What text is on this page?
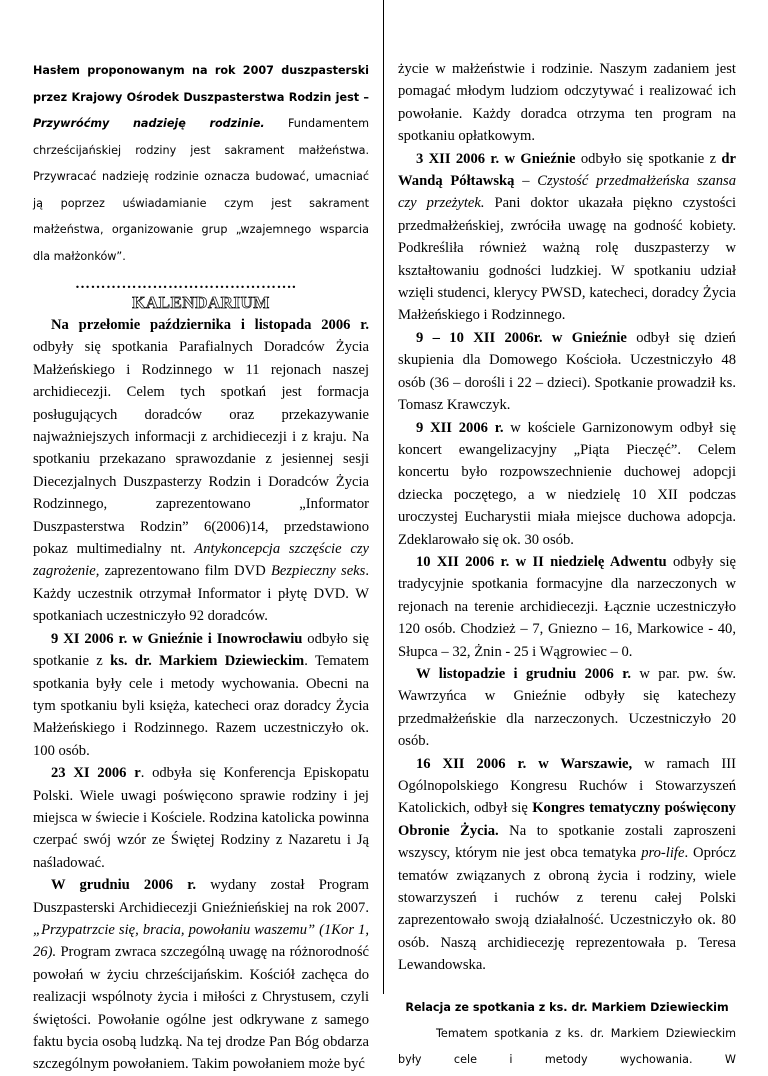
Hasłem proponowanym na rok 2007 duszpasterski przez Krajowy Ośrodek Duszpasterstwa Rodzin jest – Przywróćmy nadzieję rodzinie. Fundamentem chrześcijańskiej rodziny jest sakrament małżeństwa. Przywracać nadzieję rodzinie oznacza budować, umacniać ją poprzez uświadamianie czym jest sakrament małżeństwa, organizowanie grup „wzajemnego wsparcia dla małżonków”.

…………………………………….
KALENDARIUM

Na przełomie października i listopada 2006 r. odbyły się spotkania Parafialnych Doradców Życia Małżeńskiego i Rodzinnego w 11 rejonach naszej archidiecezji. Celem tych spotkań jest formacja posługujących doradców oraz przekazywanie najważniejszych informacji z archidiecezji i z kraju. Na spotkaniu przekazano sprawozdanie z jesiennej sesji Diecezjalnych Duszpasterzy Rodzin i Doradców Życia Rodzinnego, zaprezentowano „Informator Duszpasterstwa Rodzin” 6(2006)14, przedstawiono pokaz multimedialny nt. Antykoncepcja szczęście czy zagrożenie, zaprezentowano film DVD Bezpieczny seks. Każdy uczestnik otrzymał Informator i płytę DVD. W spotkaniach uczestniczyło 92 doradców.

9 XI 2006 r. w Gnieźnie i Inowrocławiu odbyło się spotkanie z ks. dr. Markiem Dziewieckim. Tematem spotkania były cele i metody wychowania. Obecni na tym spotkaniu byli księża, katecheci oraz doradcy Życia Małżeńskiego i Rodzinnego. Razem uczestniczyło ok. 100 osób.

23 XI 2006 r. odbyła się Konferencja Episkopatu Polski. Wiele uwagi poświęcono sprawie rodziny i jej miejsca w świecie i Kościele. Rodzina katolicka powinna czerpać swój wzór ze Świętej Rodziny z Nazaretu i Ją naśladować.

W grudniu 2006 r. wydany został Program Duszpasterski Archidiecezji Gnieźnieńskiej na rok 2007. „Przypatrzcie się, bracia, powołaniu waszemu” (1Kor 1, 26). Program zwraca szczególną uwagę na różnorodność powołań w życiu chrześcijańskim. Kościół zachęca do realizacji wspólnoty życia i miłości z Chrystusem, czyli świętości. Powołanie ogólne jest odkrywane z samego faktu bycia osobą ludzką. Na tej drodze Pan Bóg obdarza szczególnym powołaniem. Takim powołaniem może być

życie w małżeństwie i rodzinie. Naszym zadaniem jest pomagać młodym ludziom odczytywać i realizować ich powołanie. Każdy doradca otrzyma ten program na spotkaniu opłatkowym.

3 XII 2006 r. w Gnieźnie odbyło się spotkanie z dr Wandą Półtawską – Czystość przedmałżeńska szansa czy przeżytek. Pani doktor ukazała piękno czystości przedmałżeńskiej, zwróciła uwagę na godność kobiety. Podkreśliła również ważną rolę duszpasterzy w kształtowaniu godności ludzkiej. W spotkaniu udział wzięli studenci, klerycy PWSD, katecheci, doradcy Życia Małżeńskiego i Rodzinnego.

9 – 10 XII 2006r. w Gnieźnie odbył się dzień skupienia dla Domowego Kościoła. Uczestniczyło 48 osób (36 – dorośli i 22 – dzieci). Spotkanie prowadził ks. Tomasz Krawczyk.

9 XII 2006 r. w kościele Garnizonowym odbył się koncert ewangelizacyjny „Piąta Pieczęć”. Celem koncertu było rozpowszechnienie duchowej adopcji dziecka poczętego, a w niedzielę 10 XII podczas uroczystej Eucharystii miała miejsce duchowa adopcja. Zdeklarowało się ok. 30 osób.

10 XII 2006 r. w II niedzielę Adwentu odbyły się tradycyjnie spotkania formacyjne dla narzeczonych w rejonach na terenie archidiecezji. Łącznie uczestniczyło 120 osób. Chodzież – 7, Gniezno – 16, Markowice - 40, Słupca – 32, Żnin - 25 i Wągrowiec – 0.

W listopadzie i grudniu 2006 r. w par. pw. św. Wawrzyńca w Gnieźnie odbyły się katechezy przedmałżeńskie dla narzeczonych. Uczestniczyło 20 osób.

16 XII 2006 r. w Warszawie, w ramach III Ogólnopolskiego Kongresu Ruchów i Stowarzyszeń Katolickich, odbył się Kongres tematyczny poświęcony Obronie Życia. Na to spotkanie zostali zaproszeni wszyscy, którym nie jest obca tematyka pro-life. Oprócz tematów związanych z obroną życia i rodziny, wiele stowarzyszeń i ruchów z terenu całej Polski zaprezentowało swoją działalność. Uczestniczyło ok. 80 osób. Naszą archidiecezję reprezentowała p. Teresa Lewandowska.

Relacja ze spotkania z ks. dr. Markiem Dziewieckim

Tematem spotkania z ks. dr. Markiem Dziewieckim były cele i metody wychowania. W
